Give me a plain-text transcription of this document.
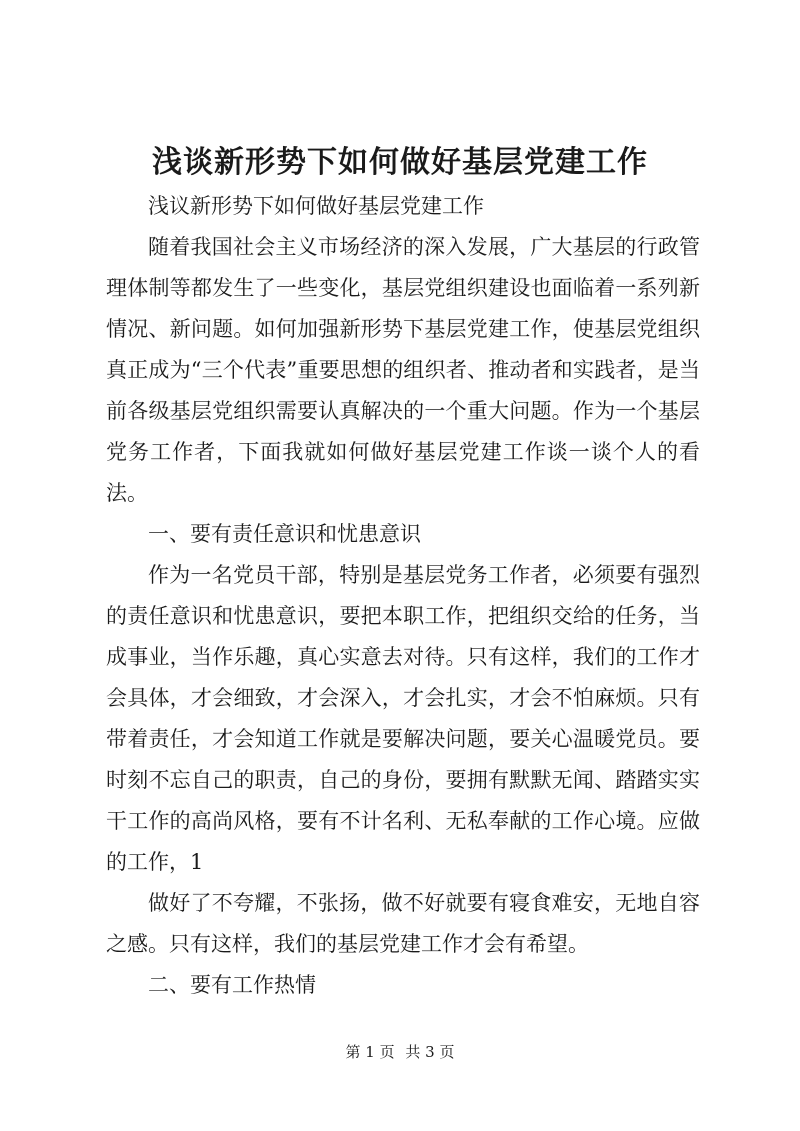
浅谈新形势下如何做好基层党建工作

浅议新形势下如何做好基层党建工作

随着我国社会主义市场经济的深入发展，广大基层的行政管理体制等都发生了一些变化，基层党组织建设也面临着一系列新情况、新问题。如何加强新形势下基层党建工作，使基层党组织真正成为“三个代表”重要思想的组织者、推动者和实践者，是当前各级基层党组织需要认真解决的一个重大问题。作为一个基层党务工作者，下面我就如何做好基层党建工作谈一谈个人的看法。

一、要有责任意识和忧患意识

作为一名党员干部，特别是基层党务工作者，必须要有强烈的责任意识和忧患意识，要把本职工作，把组织交给的任务，当成事业，当作乐趣，真心实意去对待。只有这样，我们的工作才会具体，才会细致，才会深入，才会扎实，才会不怕麻烦。只有带着责任，才会知道工作就是要解决问题，要关心温暖党员。要时刻不忘自己的职责，自己的身份，要拥有默默无闻、踏踏实实干工作的高尚风格，要有不计名利、无私奉献的工作心境。应做的工作，1

做好了不夸耀，不张扬，做不好就要有寝食难安，无地自容之感。只有这样，我们的基层党建工作才会有希望。

二、要有工作热情

第 1 页 共 3 页
